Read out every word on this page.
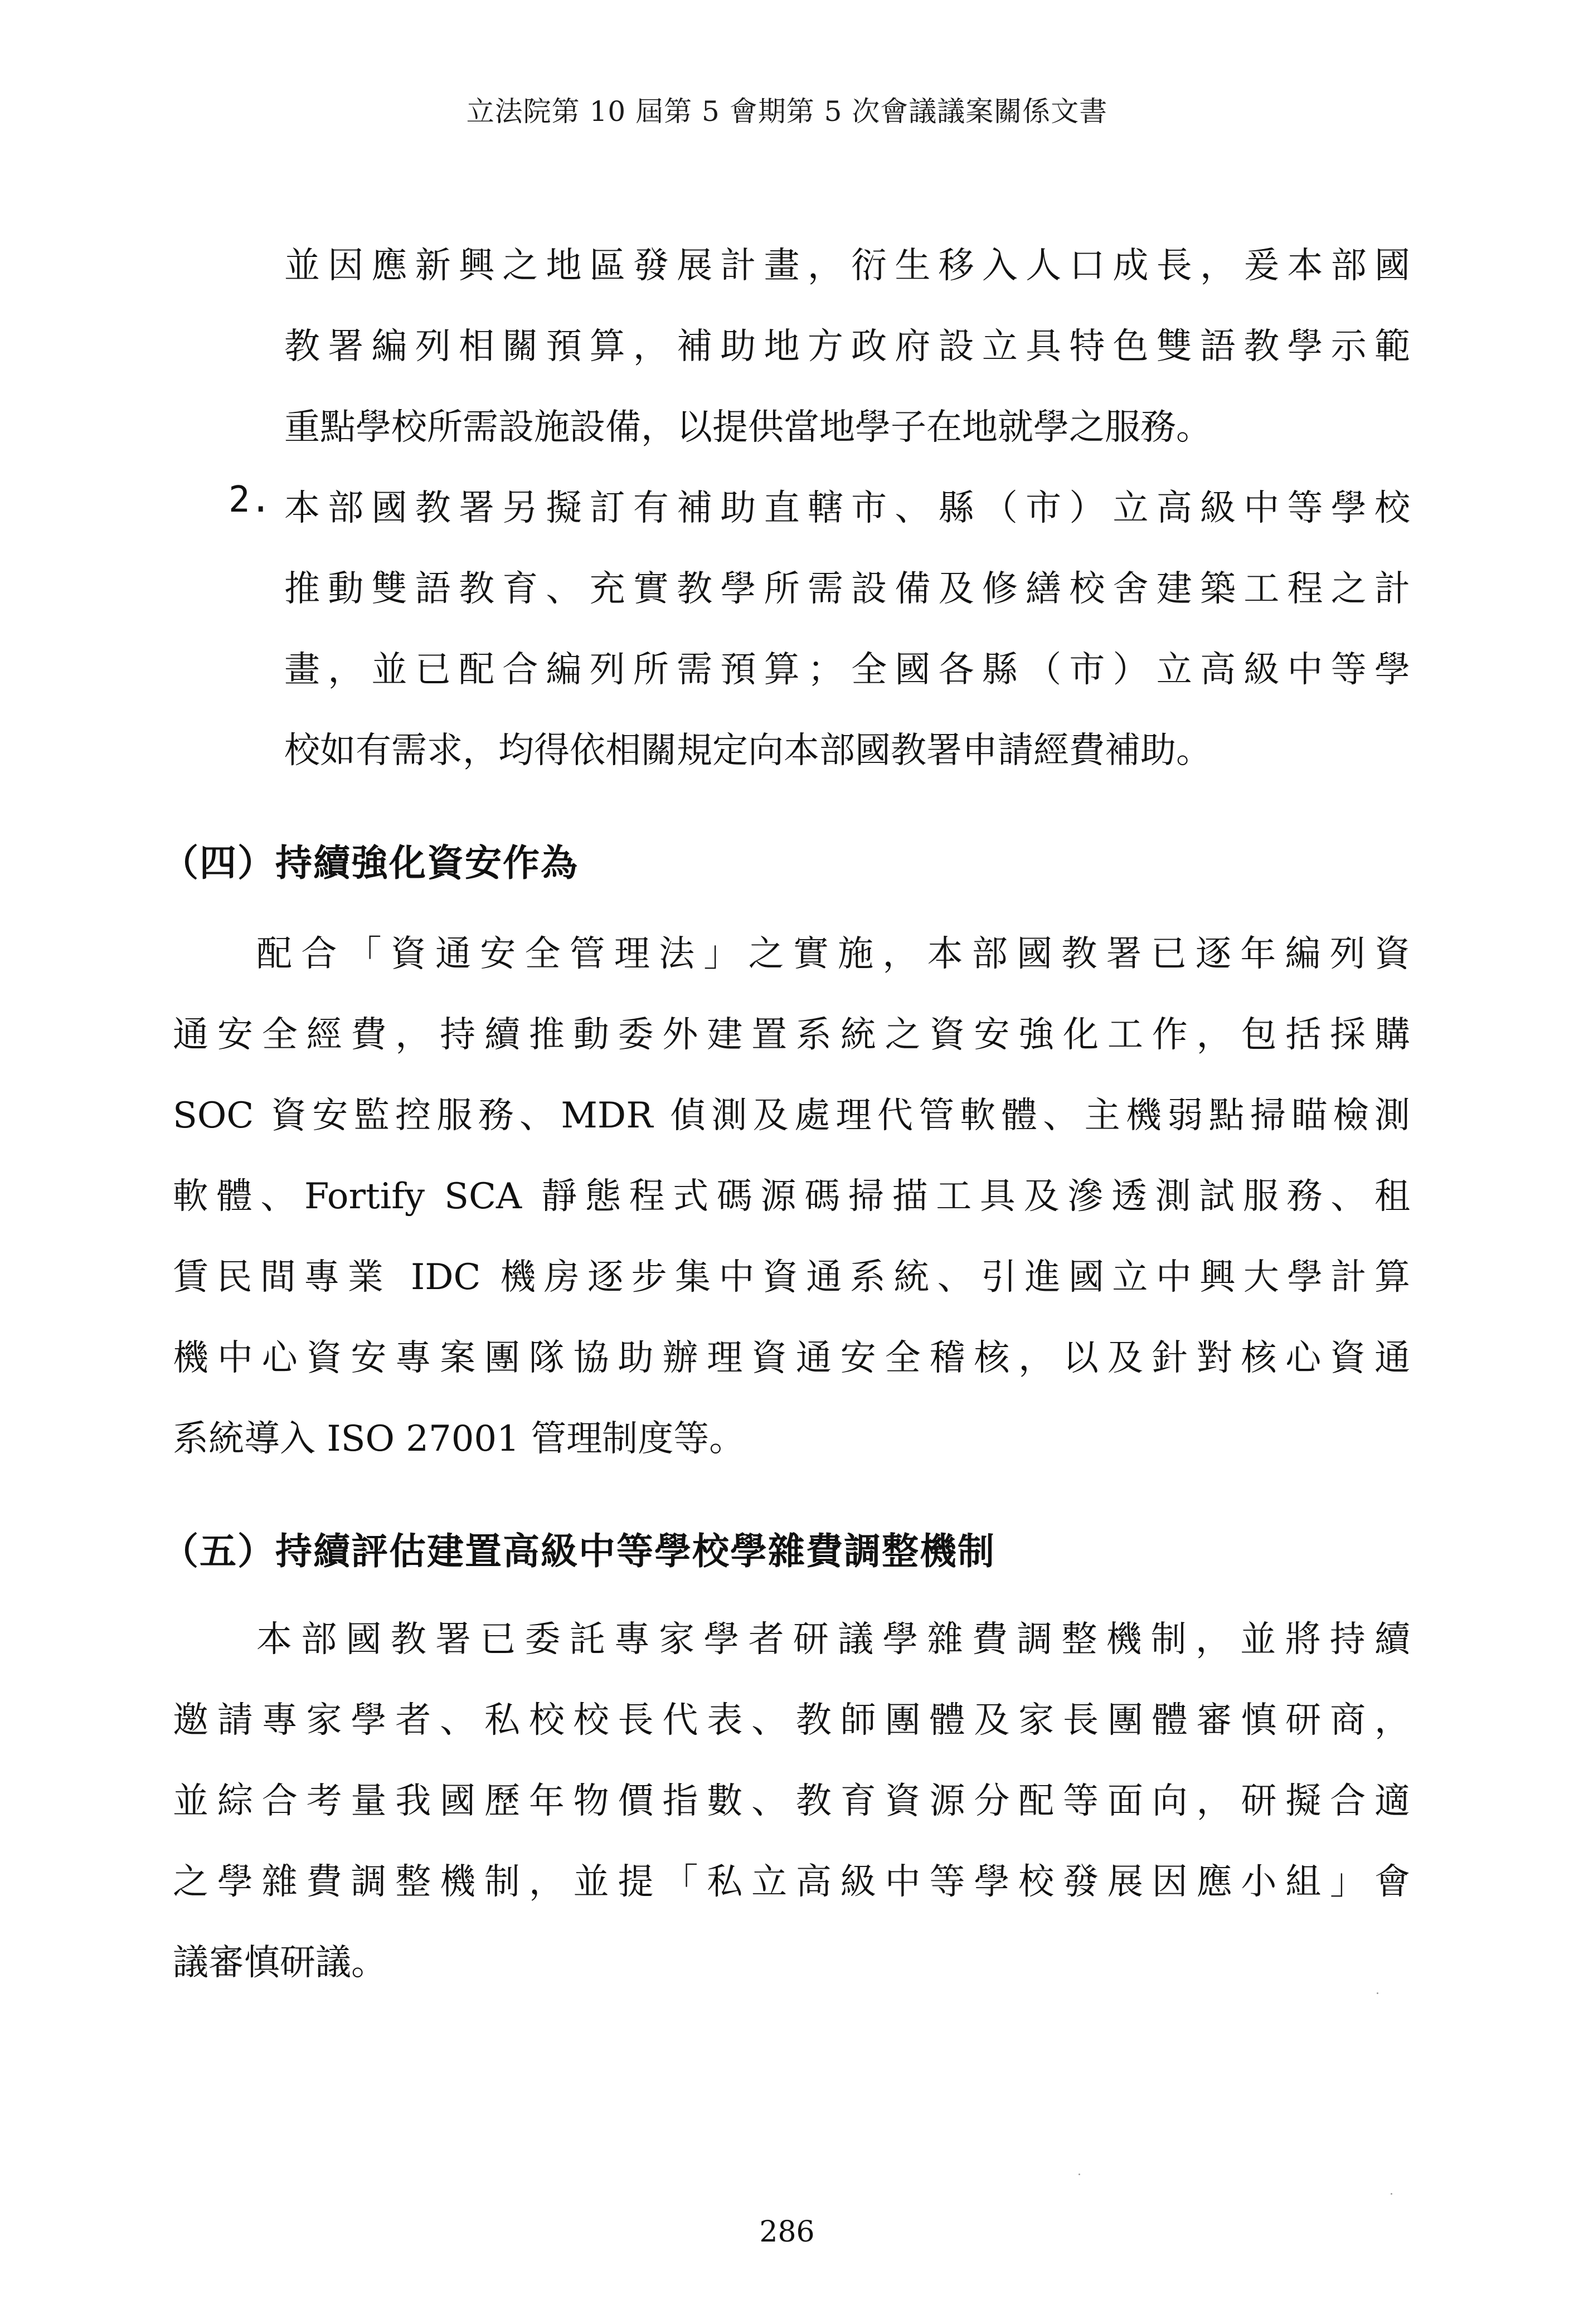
立法院第 10 屆第 5 會期第 5 次會議議案關係文書
並因應新興之地區發展計畫，衍生移入人口成長，爰本部國
教署編列相關預算，補助地方政府設立具特色雙語教學示範
重點學校所需設施設備，以提供當地學子在地就學之服務。
2. 本部國教署另擬訂有補助直轄市、縣（市）立高級中等學校
推動雙語教育、充實教學所需設備及修繕校舍建築工程之計
畫，並已配合編列所需預算；全國各縣（市）立高級中等學
校如有需求，均得依相關規定向本部國教署申請經費補助。
（四）持續強化資安作為
配合「資通安全管理法」之實施，本部國教署已逐年編列資
通安全經費，持續推動委外建置系統之資安強化工作，包括採購
SOC 資安監控服務、MDR 偵測及處理代管軟體、主機弱點掃瞄檢測
軟體、Fortify SCA 靜態程式碼源碼掃描工具及滲透測試服務、租
賃民間專業 IDC 機房逐步集中資通系統、引進國立中興大學計算
機中心資安專案團隊協助辦理資通安全稽核，以及針對核心資通
系統導入 ISO 27001 管理制度等。
（五）持續評估建置高級中等學校學雜費調整機制
本部國教署已委託專家學者研議學雜費調整機制，並將持續
邀請專家學者、私校校長代表、教師團體及家長團體審慎研商，
並綜合考量我國歷年物價指數、教育資源分配等面向，研擬合適
之學雜費調整機制，並提「私立高級中等學校發展因應小組」會
議審慎研議。
286
